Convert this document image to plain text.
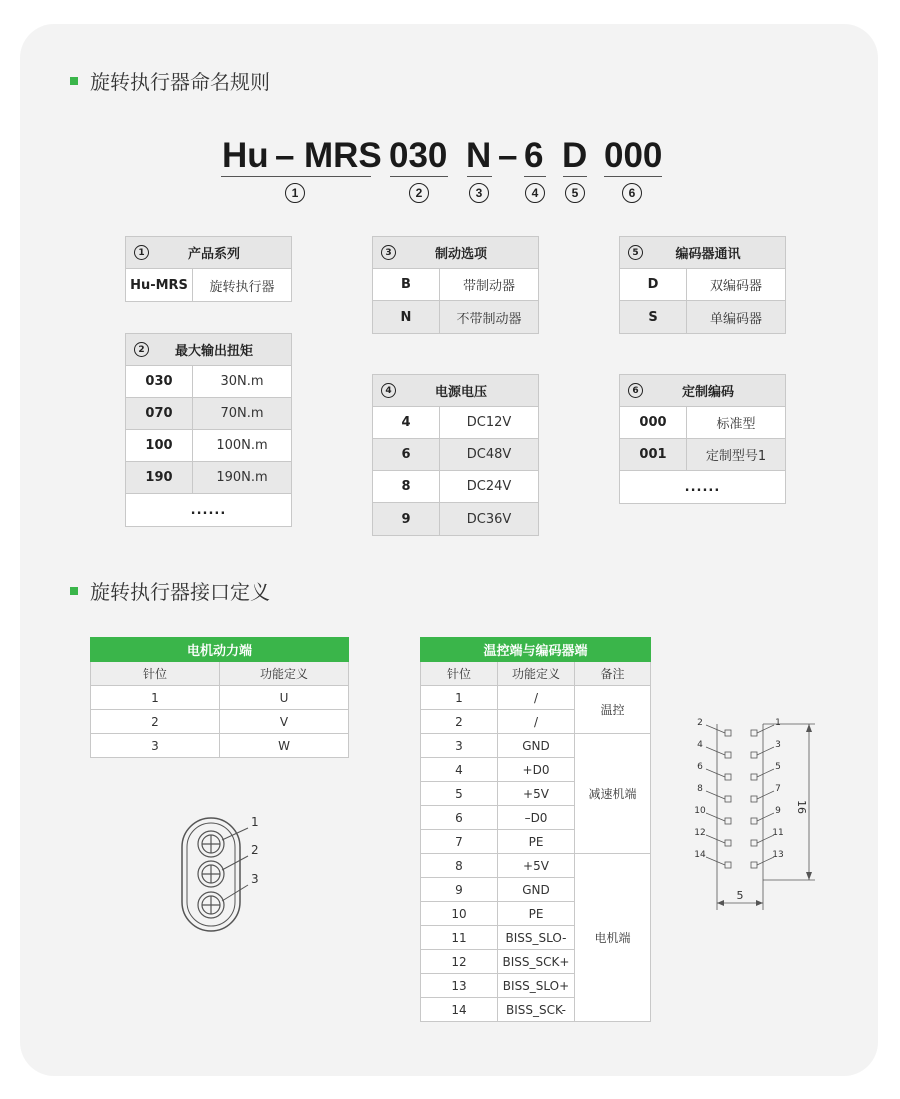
旋转执行器命名规则
Hu – MRS 030 N – 6 D 000
1	2	3	4	5	6
1	产品系列
Hu-MRS	旋转执行器
2	最大输出扭矩
030	30N.m
070	70N.m
100	100N.m
190	190N.m
......
3	制动选项
B	带制动器
N	不带制动器
4	电源电压
4	DC12V
6	DC48V
8	DC24V
9	DC36V
5	编码器通讯
D	双编码器
S	单编码器
6	定制编码
000	标准型
001	定制型号1
......
旋转执行器接口定义
电机动力端	
针位	功能定义
1	U
2	V
3	W
1
2
3
温控端与编码器端		
针位	功能定义	备注
1	/	温控
2	/	
3	GND	减速机端
4	+D0	
5	+5V	
6	–D0	
7	PE	
8	+5V	电机端
9	GND	
10	PE	
11	BISS_SLO-	
12	BISS_SCK+	
13	BISS_SLO+	
14	BISS_SCK-	
2
4
6
8
10
12
14
1
3
5
7
9
11
13
16
5
